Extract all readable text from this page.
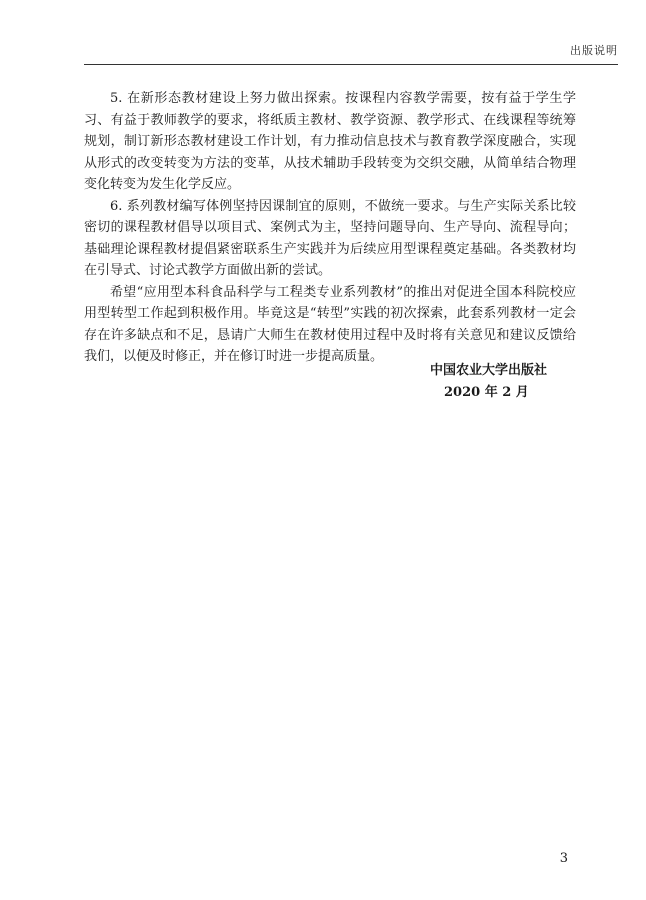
出版说明

5. 在新形态教材建设上努力做出探索。按课程内容教学需要，按有益于学生学习、有益于教师教学的要求，将纸质主教材、教学资源、教学形式、在线课程等统筹规划，制订新形态教材建设工作计划，有力推动信息技术与教育教学深度融合，实现从形式的改变转变为方法的变革，从技术辅助手段转变为交织交融，从简单结合物理变化转变为发生化学反应。

6. 系列教材编写体例坚持因课制宜的原则，不做统一要求。与生产实际关系比较密切的课程教材倡导以项目式、案例式为主，坚持问题导向、生产导向、流程导向；基础理论课程教材提倡紧密联系生产实践并为后续应用型课程奠定基础。各类教材均在引导式、讨论式教学方面做出新的尝试。

希望“应用型本科食品科学与工程类专业系列教材”的推出对促进全国本科院校应用型转型工作起到积极作用。毕竟这是“转型”实践的初次探索，此套系列教材一定会存在许多缺点和不足，恳请广大师生在教材使用过程中及时将有关意见和建议反馈给我们，以便及时修正，并在修订时进一步提高质量。

中国农业大学出版社
2020 年 2 月
3
